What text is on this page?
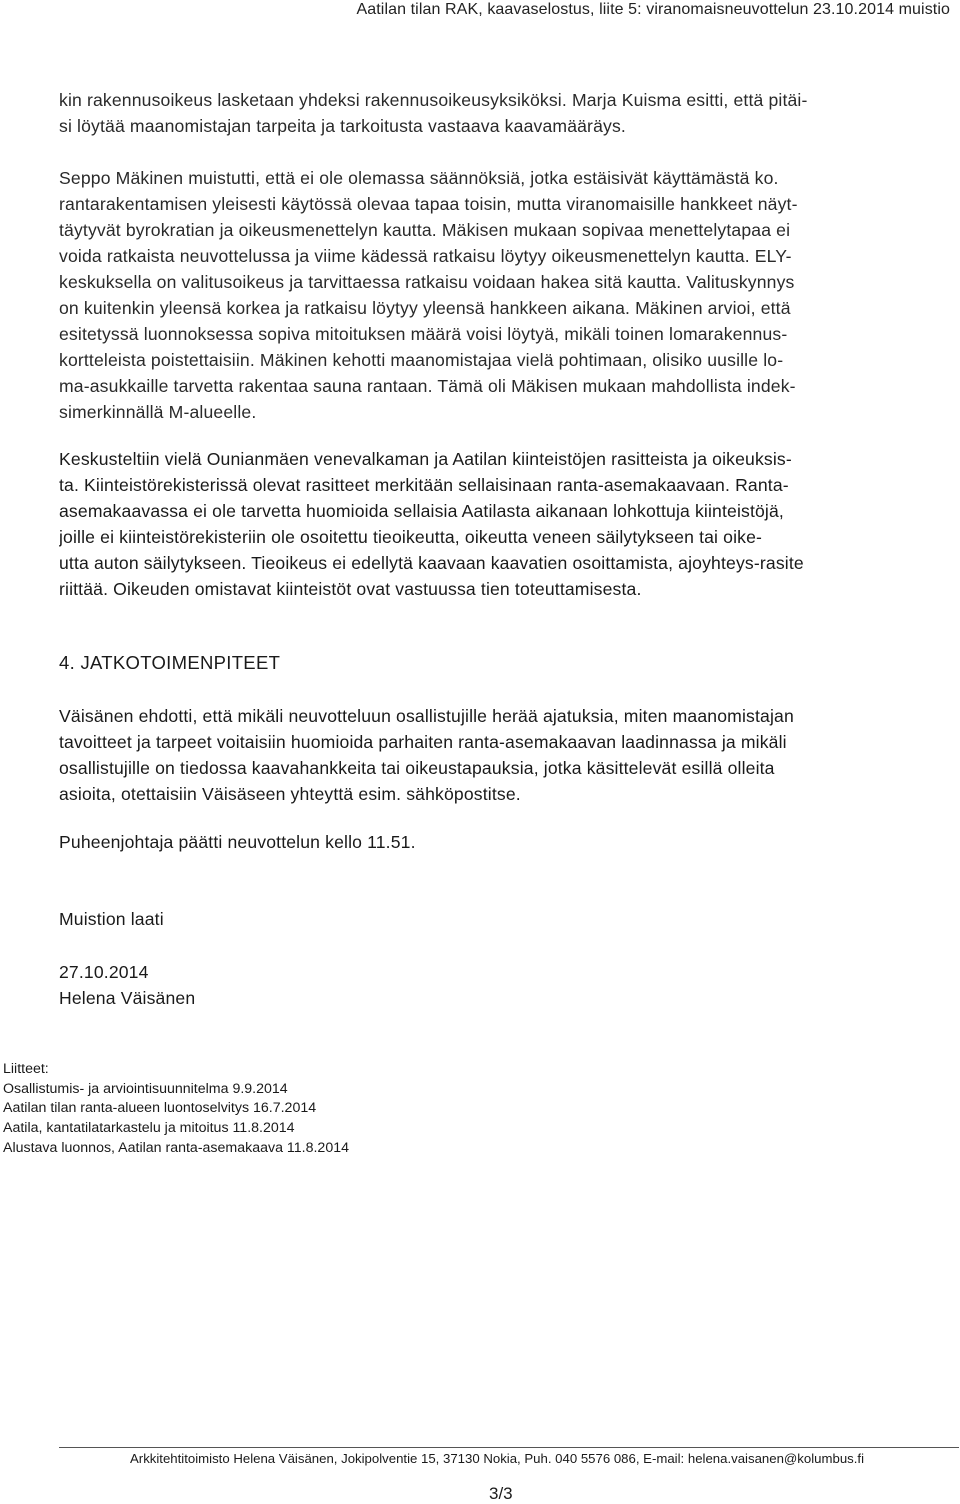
Aatilan tilan RAK, kaavaselostus, liite 5: viranomaisneuvottelun 23.10.2014 muistio

kin rakennusoikeus lasketaan yhdeksi rakennusoikeusyksiköksi. Marja Kuisma esitti, että pitäi-

si löytää maanomistajan tarpeita ja tarkoitusta vastaava kaavamääräys.

Seppo Mäkinen muistutti, että ei ole olemassa säännöksiä, jotka estäisivät käyttämästä ko.

rantarakentamisen yleisesti käytössä olevaa tapaa toisin, mutta viranomaisille hankkeet näyt-

täytyvät byrokratian ja oikeusmenettelyn kautta. Mäkisen mukaan sopivaa menettelytapaa ei

voida ratkaista neuvottelussa ja viime kädessä ratkaisu löytyy oikeusmenettelyn kautta. ELY-

keskuksella on valitusoikeus ja tarvittaessa ratkaisu voidaan hakea sitä kautta. Valituskynnys

on kuitenkin yleensä korkea ja ratkaisu löytyy yleensä hankkeen aikana. Mäkinen arvioi, että

esitetyssä luonnoksessa sopiva mitoituksen määrä voisi löytyä, mikäli toinen lomarakennus-

kortteleista poistettaisiin. Mäkinen kehotti maanomistajaa vielä pohtimaan, olisiko uusille lo-

ma-asukkaille tarvetta rakentaa sauna rantaan. Tämä oli Mäkisen mukaan mahdollista indek-

simerkinnällä M-alueelle.

Keskusteltiin vielä Ounianmäen venevalkaman ja Aatilan kiinteistöjen rasitteista ja oikeuksis-

ta. Kiinteistörekisterissä olevat rasitteet merkitään sellaisinaan ranta-asemakaavaan. Ranta-

asemakaavassa ei ole tarvetta huomioida sellaisia Aatilasta aikanaan lohkottuja kiinteistöjä,

joille ei kiinteistörekisteriin ole osoitettu tieoikeutta, oikeutta veneen säilytykseen tai oike-

utta auton säilytykseen. Tieoikeus ei edellytä kaavaan kaavatien osoittamista, ajoyhteys-rasite

riittää. Oikeuden omistavat kiinteistöt ovat vastuussa tien toteuttamisesta.

4. JATKOTOIMENPITEET

Väisänen ehdotti, että mikäli neuvotteluun osallistujille herää ajatuksia, miten maanomistajan

tavoitteet ja tarpeet voitaisiin huomioida parhaiten ranta-asemakaavan laadinnassa ja mikäli

osallistujille on tiedossa kaavahankkeita tai oikeustapauksia, jotka käsittelevät esillä olleita

asioita, otettaisiin Väisäseen yhteyttä esim. sähköpostitse.

Puheenjohtaja päätti neuvottelun kello 11.51.

Muistion laati

27.10.2014

Helena Väisänen

Liitteet:

Osallistumis- ja arviointisuunnitelma 9.9.2014

Aatilan tilan ranta-alueen luontoselvitys 16.7.2014

Aatila, kantatilatarkastelu ja mitoitus 11.8.2014

Alustava luonnos, Aatilan ranta-asemakaava 11.8.2014

Arkkitehtitoimisto Helena Väisänen, Jokipolventie 15, 37130 Nokia, Puh. 040 5576 086, E-mail: helena.vaisanen@kolumbus.fi
3/3
